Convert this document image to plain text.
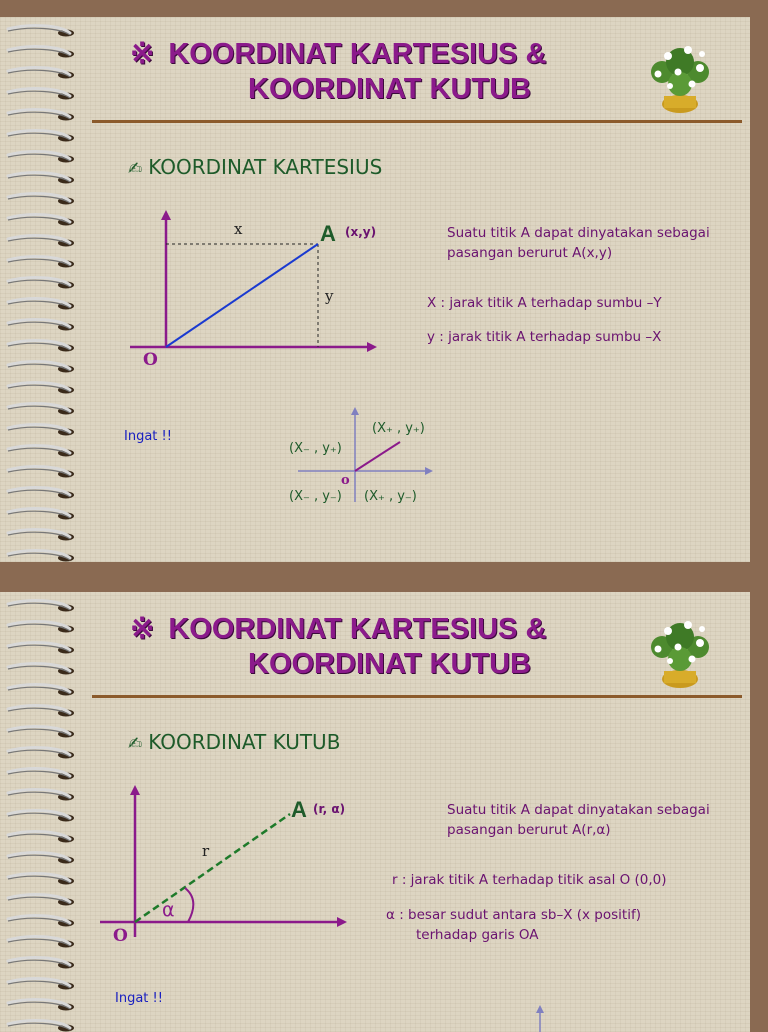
※ KOORDINAT KARTESIUS &
KOORDINAT KUTUB
✍ KOORDINAT KARTESIUS
x
y
A (x,y)
O
o
(X₊ , y₊)
(X₋ , y₊)
(X₋ , y₋) (X₊ , y₋)
Suatu titik A dapat dinyatakan sebagai
pasangan berurut A(x,y)
X : jarak titik A terhadap sumbu –Y
y : jarak titik A terhadap sumbu –X
Ingat !!
※ KOORDINAT KARTESIUS &
KOORDINAT KUTUB
✍ KOORDINAT KUTUB
r
α
A (r, α)
O
Suatu titik A dapat dinyatakan sebagai
pasangan berurut A(r,α)
r : jarak titik A terhadap titik asal O (0,0)
α : besar sudut antara sb–X (x positif)
terhadap garis OA
Ingat !!
